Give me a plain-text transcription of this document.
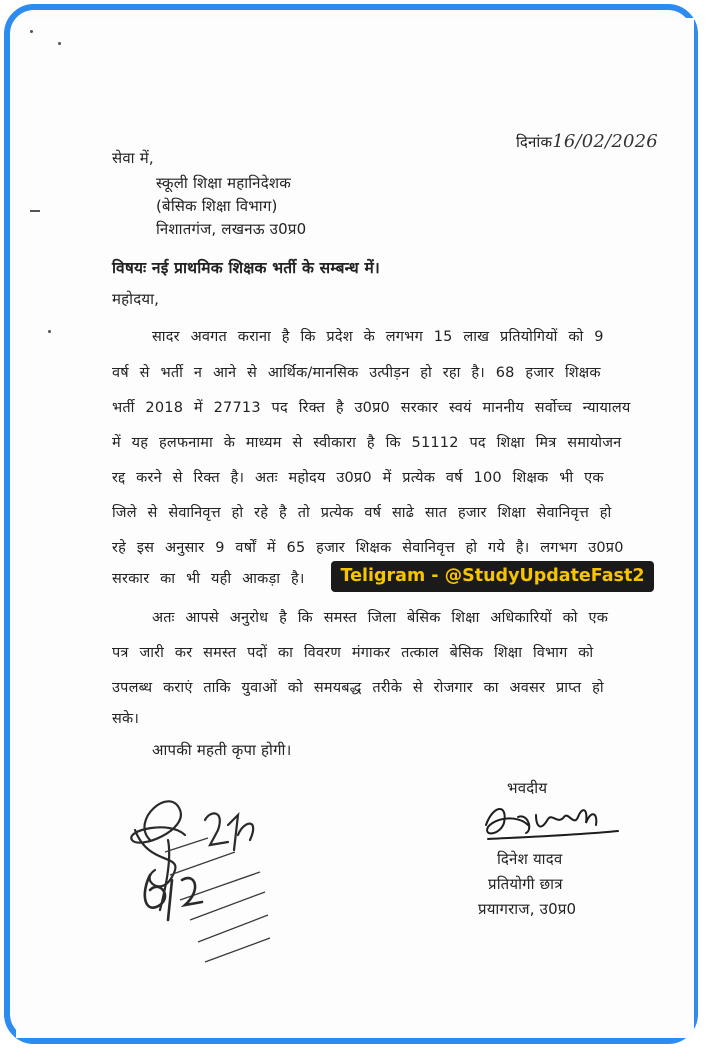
दिनांक16/02/2026
सेवा में,
स्कूली शिक्षा महानिदेशक
(बेसिक शिक्षा विभाग)
निशातगंज, लखनऊ उ0प्र0
विषयः नई प्राथमिक शिक्षक भर्ती के सम्बन्ध में।
महोदया,
सादर अवगत कराना है कि प्रदेश के लगभग 15 लाख प्रतियोगियों को 9
वर्ष से भर्ती न आने से आर्थिक/मानसिक उत्पीड़न हो रहा है। 68 हजार शिक्षक
भर्ती 2018 में 27713 पद रिक्त है उ0प्र0 सरकार स्वयं माननीय सर्वोच्च न्यायालय
में यह हलफनामा के माध्यम से स्वीकारा है कि 51112 पद शिक्षा मित्र समायोजन
रद्द करने से रिक्त है। अतः महोदय उ0प्र0 में प्रत्येक वर्ष 100 शिक्षक भी एक
जिले से सेवानिवृत्त हो रहे है तो प्रत्येक वर्ष साढे सात हजार शिक्षा सेवानिवृत्त हो
रहे इस अनुसार 9 वर्षों में 65 हजार शिक्षक सेवानिवृत्त हो गये है। लगभग उ0प्र0
सरकार का भी यही आकड़ा है।	Teligram - @StudyUpdateFast2
अतः आपसे अनुरोध है कि समस्त जिला बेसिक शिक्षा अधिकारियों को एक
पत्र जारी कर समस्त पदों का विवरण मंगाकर तत्काल बेसिक शिक्षा विभाग को
उपलब्ध कराएं ताकि युवाओं को समयबद्ध तरीके से रोजगार का अवसर प्राप्त हो
सके।
आपकी महती कृपा होगी।
भवदीय
दिनेश यादव
प्रतियोगी छात्र
प्रयागराज, उ0प्र0
